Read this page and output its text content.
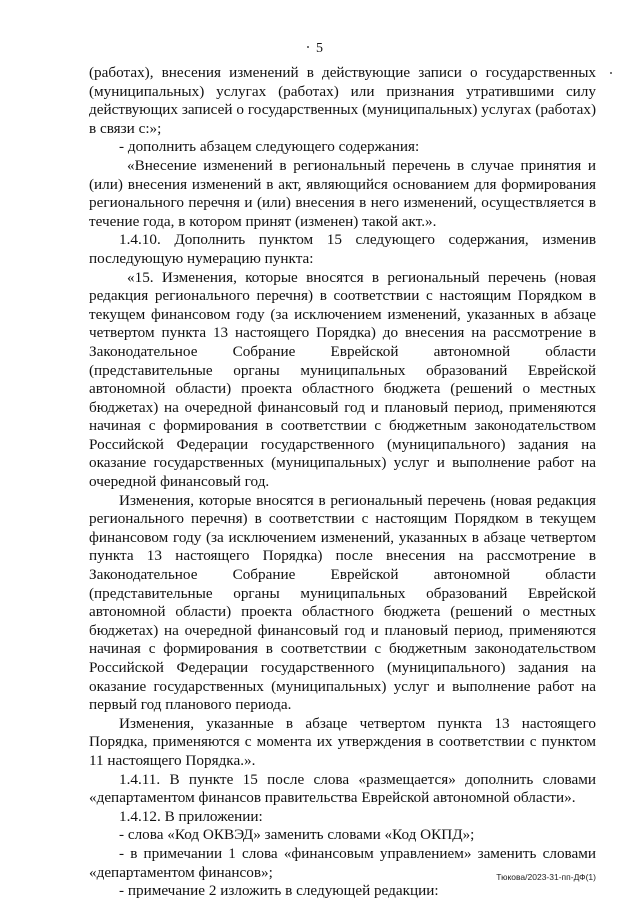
5

(работах), внесения изменений в действующие записи о государственных (муниципальных) услугах (работах) или признания утратившими силу действующих записей о государственных (муниципальных) услугах (работах) в связи с:»;

- дополнить абзацем следующего содержания:

«Внесение изменений в региональный перечень в случае принятия и (или) внесения изменений в акт, являющийся основанием для формирования регионального перечня и (или) внесения в него изменений, осуществляется в течение года, в котором принят (изменен) такой акт.».

1.4.10. Дополнить пунктом 15 следующего содержания, изменив последующую нумерацию пункта:

«15. Изменения, которые вносятся в региональный перечень (новая редакция регионального перечня) в соответствии с настоящим Порядком в текущем финансовом году (за исключением изменений, указанных в абзаце четвертом пункта 13 настоящего Порядка) до внесения на рассмотрение в Законодательное Собрание Еврейской автономной области (представительные органы муниципальных образований Еврейской автономной области) проекта областного бюджета (решений о местных бюджетах) на очередной финансовый год и плановый период, применяются начиная с формирования в соответствии с бюджетным законодательством Российской Федерации государственного (муниципального) задания на оказание государственных (муниципальных) услуг и выполнение работ на очередной финансовый год.

Изменения, которые вносятся в региональный перечень (новая редакция регионального перечня) в соответствии с настоящим Порядком в текущем финансовом году (за исключением изменений, указанных в абзаце четвертом пункта 13 настоящего Порядка) после внесения на рассмотрение в Законодательное Собрание Еврейской автономной области (представительные органы муниципальных образований Еврейской автономной области) проекта областного бюджета (решений о местных бюджетах) на очередной финансовый год и плановый период, применяются начиная с формирования в соответствии с бюджетным законодательством Российской Федерации государственного (муниципального) задания на оказание государственных (муниципальных) услуг и выполнение работ на первый год планового периода.

Изменения, указанные в абзаце четвертом пункта 13 настоящего Порядка, применяются с момента их утверждения в соответствии с пунктом 11 настоящего Порядка.».

1.4.11. В пункте 15 после слова «размещается» дополнить словами «департаментом финансов правительства Еврейской автономной области».

1.4.12. В приложении:

- слова «Код ОКВЭД» заменить словами «Код ОКПД»;

- в примечании 1 слова «финансовым управлением» заменить словами «департаментом финансов»;

- примечание 2 изложить в следующей редакции:

Тюкова/2023-31-пп-ДФ(1)
